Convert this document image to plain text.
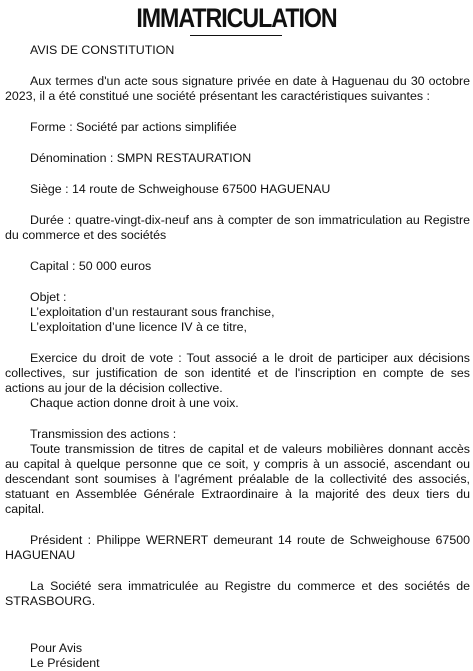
IMMATRICULATION

AVIS DE CONSTITUTION

Aux termes d'un acte sous signature privée en date à Haguenau du 30 octobre 2023, il a été constitué une société présentant les caractéristiques suivantes :

Forme : Société par actions simplifiée

Dénomination : SMPN RESTAURATION

Siège : 14 route de Schweighouse 67500 HAGUENAU

Durée : quatre-vingt-dix-neuf ans à compter de son immatriculation au Registre du commerce et des sociétés

Capital : 50 000 euros

Objet :

L’exploitation d’un restaurant sous franchise,

L’exploitation d’une licence IV à ce titre,

Exercice du droit de vote : Tout associé a le droit de participer aux décisions collectives, sur justification de son identité et de l'inscription en compte de ses actions au jour de la décision collective.

Chaque action donne droit à une voix.

Transmission des actions :

Toute transmission de titres de capital et de valeurs mobilières donnant accès au capital à quelque personne que ce soit, y compris à un associé, ascendant ou descendant sont soumises à l’agrément préalable de la collectivité des associés, statuant en Assemblée Générale Extraordinaire à la majorité des deux tiers du capital.

Président : Philippe WERNERT demeurant 14 route de Schweighouse 67500 HAGUENAU

La Société sera immatriculée au Registre du commerce et des sociétés de STRASBOURG.

Pour Avis

Le Président
